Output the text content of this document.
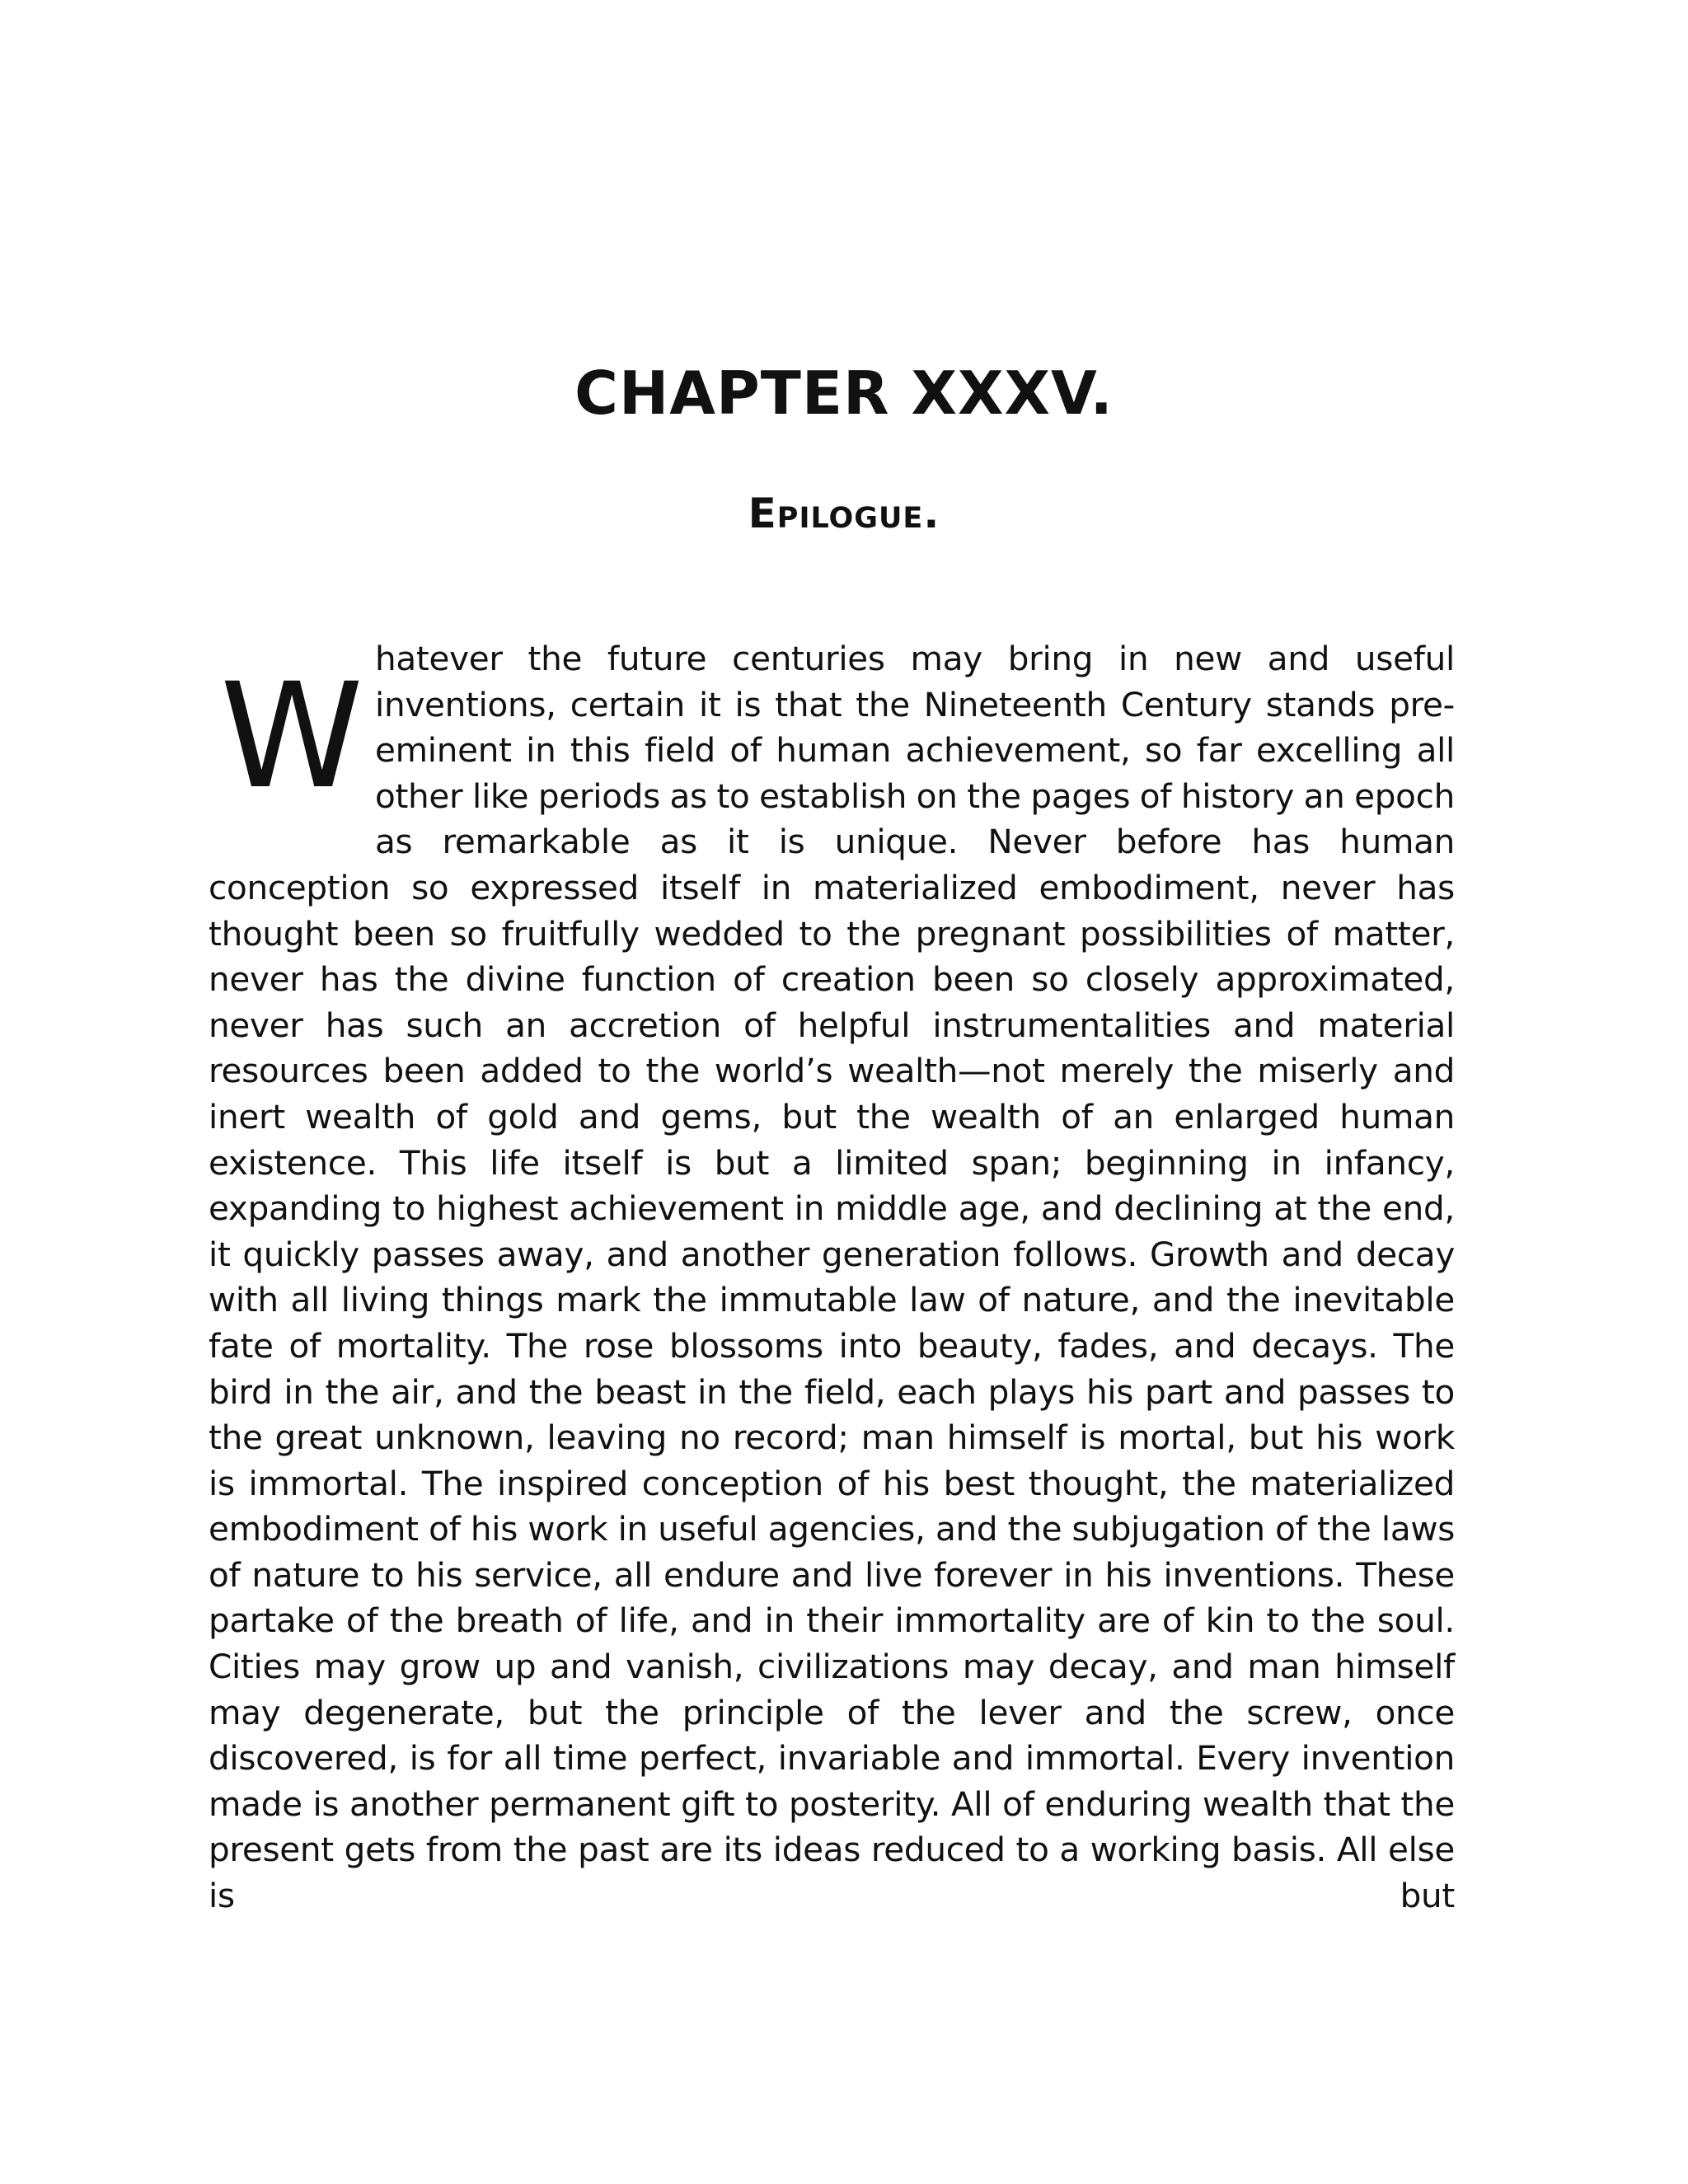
CHAPTER XXXV.
Epilogue.

Whatever the future centuries may bring in new and useful inventions, certain it is that the Nineteenth Century stands pre-eminent in this field of human achievement, so far excelling all other like periods as to establish on the pages of history an epoch as remarkable as it is unique. Never before has human conception so expressed itself in materialized embodiment, never has thought been so fruitfully wedded to the pregnant possibilities of matter, never has the divine function of creation been so closely approximated, never has such an accretion of helpful instrumentalities and material resources been added to the world’s wealth—not merely the miserly and inert wealth of gold and gems, but the wealth of an enlarged human existence. This life itself is but a limited span; beginning in infancy, expanding to highest achievement in middle age, and declining at the end, it quickly passes away, and another generation follows. Growth and decay with all living things mark the immutable law of nature, and the inevitable fate of mortality. The rose blossoms into beauty, fades, and decays. The bird in the air, and the beast in the field, each plays his part and passes to the great unknown, leaving no record; man himself is mortal, but his work is immortal. The inspired conception of his best thought, the materialized embodiment of his work in useful agencies, and the subjugation of the laws of nature to his service, all endure and live forever in his inventions. These partake of the breath of life, and in their immortality are of kin to the soul. Cities may grow up and vanish, civilizations may decay, and man himself may degenerate, but the principle of the lever and the screw, once discovered, is for all time perfect, invariable and immortal. Every invention made is another permanent gift to posterity. All of enduring wealth that the present gets from the past are its ideas reduced to a working basis. All else is but
